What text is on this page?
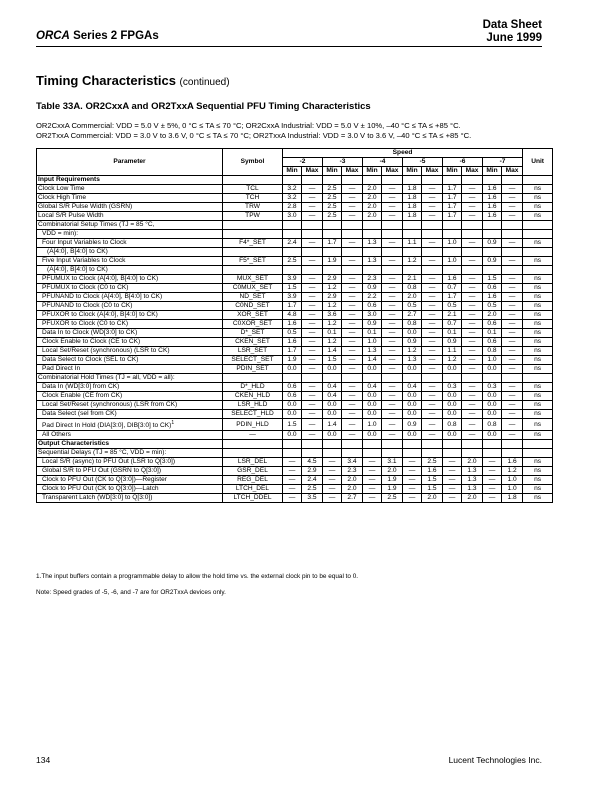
ORCA Series 2 FPGAs
Data Sheet
June 1999
Timing Characteristics (continued)
Table 33A. OR2CxxA and OR2TxxA Sequential PFU Timing Characteristics
OR2CxxA Commercial: VDD = 5.0 V ± 5%, 0 °C ≤ TA ≤ 70 °C; OR2CxxA Industrial: VDD = 5.0 V ± 10%, –40 °C ≤ TA ≤ +85 °C.
OR2TxxA Commercial: VDD = 3.0 V to 3.6 V, 0 °C ≤ TA ≤ 70 °C; OR2TxxA Industrial: VDD = 3.0 V to 3.6 V, –40 °C ≤ TA ≤ +85 °C.
Parameter	Symbol	Speed												Unit
		-2		-3		-4		-5		-6		-7		
		Min	Max	Min	Max	Min	Max	Min	Max	Min	Max	Min	Max	
Input Requirements														
Clock Low Time	TCL	3.2	—	2.5	—	2.0	—	1.8	—	1.7	—	1.6	—	ns
Clock High Time	TCH	3.2	—	2.5	—	2.0	—	1.8	—	1.7	—	1.6	—	ns
Global S/R Pulse Width (GSRN)	TRW	2.8	—	2.5	—	2.0	—	1.8	—	1.7	—	1.6	—	ns
Local S/R Pulse Width	TPW	3.0	—	2.5	—	2.0	—	1.8	—	1.7	—	1.6	—	ns
Combinatorial Setup Times (TJ = 85 °C,														
VDD = min):														
Four Input Variables to Clock	F4*_SET	2.4	—	1.7	—	1.3	—	1.1	—	1.0	—	0.9	—	ns
(A[4:0], B[4:0] to CK)														
Five Input Variables to Clock	F5*_SET	2.5	—	1.9	—	1.3	—	1.2	—	1.0	—	0.9	—	ns
(A[4:0], B[4:0] to CK)														
PFUMUX to Clock (A[4:0], B[4:0] to CK)	MUX_SET	3.9	—	2.9	—	2.3	—	2.1	—	1.6	—	1.5	—	ns
PFUMUX to Clock (C0 to CK)	C0MUX_SET	1.5	—	1.2	—	0.9	—	0.8	—	0.7	—	0.6	—	ns
PFUNAND to Clock (A[4:0], B[4:0] to CK)	ND_SET	3.9	—	2.9	—	2.2	—	2.0	—	1.7	—	1.6	—	ns
PFUNAND to Clock (C0 to CK)	C0ND_SET	1.7	—	1.2	—	0.6	—	0.5	—	0.5	—	0.5	—	ns
PFUXOR to Clock (A[4:0], B[4:0] to CK)	XOR_SET	4.8	—	3.6	—	3.0	—	2.7	—	2.1	—	2.0	—	ns
PFUXOR to Clock (C0 to CK)	C0XOR_SET	1.6	—	1.2	—	0.9	—	0.8	—	0.7	—	0.6	—	ns
Data In to Clock (WD[3:0] to CK)	D*_SET	0.5	—	0.1	—	0.1	—	0.0	—	0.1	—	0.1	—	ns
Clock Enable to Clock (CE to CK)	CKEN_SET	1.6	—	1.2	—	1.0	—	0.9	—	0.9	—	0.6	—	ns
Local Set/Reset (synchronous) (LSR to CK)	LSR_SET	1.7	—	1.4	—	1.3	—	1.2	—	1.1	—	0.8	—	ns
Data Select to Clock (SEL to CK)	SELECT_SET	1.9	—	1.5	—	1.4	—	1.3	—	1.2	—	1.0	—	ns
Pad Direct In	PDIN_SET	0.0	—	0.0	—	0.0	—	0.0	—	0.0	—	0.0	—	ns
Combinatorial Hold Times (TJ = all, VDD = all):														
Data In (WD[3:0] from CK)	D*_HLD	0.6	—	0.4	—	0.4	—	0.4	—	0.3	—	0.3	—	ns
Clock Enable (CE from CK)	CKEN_HLD	0.6	—	0.4	—	0.0	—	0.0	—	0.0	—	0.0	—	ns
Local Set/Reset (synchronous) (LSR from CK)	LSR_HLD	0.0	—	0.0	—	0.0	—	0.0	—	0.0	—	0.0	—	ns
Data Select (sel from CK)	SELECT_HLD	0.0	—	0.0	—	0.0	—	0.0	—	0.0	—	0.0	—	ns
Pad Direct In Hold (DIA[3:0], DIB[3:0] to CK)$^1$	PDIN_HLD	1.5	—	1.4	—	1.0	—	0.9	—	0.8	—	0.8	—	ns
All Others	—	0.0	—	0.0	—	0.0	—	0.0	—	0.0	—	0.0	—	ns
Output Characteristics														
Sequential Delays (TJ = 85 °C, VDD = min):														
Local S/R (async) to PFU Out (LSR to Q[3:0])	LSR_DEL	—	4.5	—	3.4	—	3.1	—	2.5	—	2.0	—	1.6	ns
Global S/R to PFU Out (GSRN to Q[3:0])	GSR_DEL	—	2.9	—	2.3	—	2.0	—	1.6	—	1.3	—	1.2	ns
Clock to PFU Out (CK to Q[3:0])—Register	REG_DEL	—	2.4	—	2.0	—	1.9	—	1.5	—	1.3	—	1.0	ns
Clock to PFU Out (CK to Q[3:0])—Latch	LTCH_DEL	—	2.5	—	2.0	—	1.9	—	1.5	—	1.3	—	1.0	ns
Transparent Latch (WD[3:0] to Q[3:0])	LTCH_DDEL	—	3.5	—	2.7	—	2.5	—	2.0	—	2.0	—	1.8	ns
1.The input buffers contain a programmable delay to allow the hold time vs. the external clock pin to be equal to 0.
Note: Speed grades of -5, -6, and -7 are for OR2TxxA devices only.
134	Lucent Technologies Inc.
